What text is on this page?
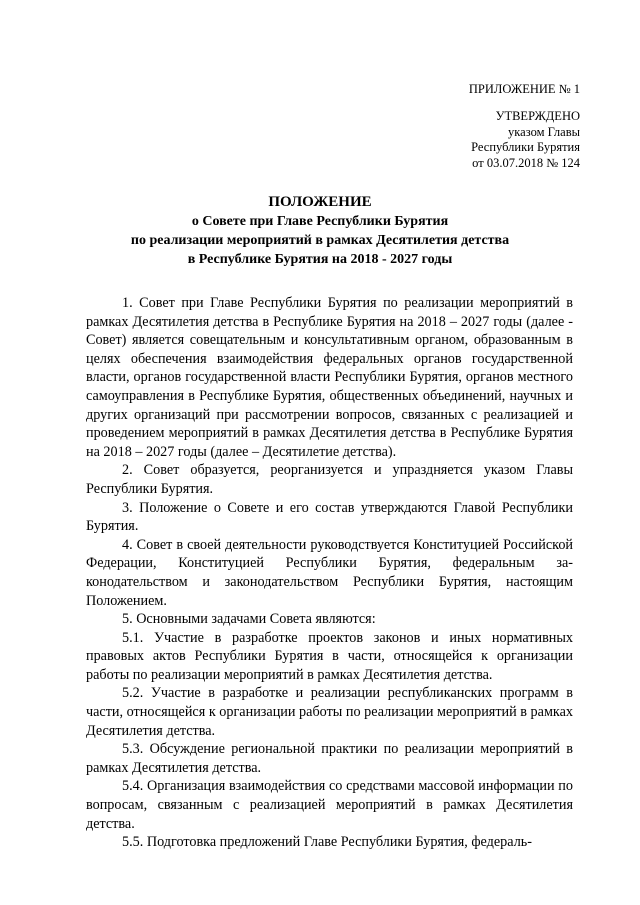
ПРИЛОЖЕНИЕ № 1

УТВЕРЖДЕНО
указом Главы
Республики Бурятия
от 03.07.2018 № 124
ПОЛОЖЕНИЕ
о Совете при Главе Республики Бурятия
по реализации мероприятий в рамках Десятилетия детства
в Республике Бурятия на 2018 - 2027 годы

1. Совет при Главе Республики Бурятия по реализации мероприятий в рамках Десятилетия детства в Республике Бурятия на 2018 – 2027 годы (далее - Совет) является совещательным и консультативным органом, образованным в целях обеспечения взаимодействия федеральных органов государственной власти, органов государственной власти Республики Бурятия, органов местного самоуправления в Республике Бурятия, общественных объединений, научных и других организаций при рассмотрении вопросов, связанных с реализацией и проведением мероприятий в рамках Десятилетия детства в Республике Бурятия на 2018 – 2027 годы (далее – Десятилетие детства).

2. Совет образуется, реорганизуется и упраздняется указом Главы Республики Бурятия.

3. Положение о Совете и его состав утверждаются Главой Республики Бурятия.

4. Совет в своей деятельности руководствуется Конституцией Российской Федерации, Конституцией Республики Бурятия, федеральным законодательством и законодательством Республики Бурятия, настоящим Положением.

5. Основными задачами Совета являются:

5.1. Участие в разработке проектов законов и иных нормативных правовых актов Республики Бурятия в части, относящейся к организации работы по реализации мероприятий в рамках Десятилетия детства.

5.2. Участие в разработке и реализации республиканских программ в части, относящейся к организации работы по реализации мероприятий в рамках Десятилетия детства.

5.3. Обсуждение региональной практики по реализации мероприятий в рамках Десятилетия детства.

5.4. Организация взаимодействия со средствами массовой информации по вопросам, связанным с реализацией мероприятий в рамках Десятилетия детства.

5.5. Подготовка предложений Главе Республики Бурятия, федераль-
